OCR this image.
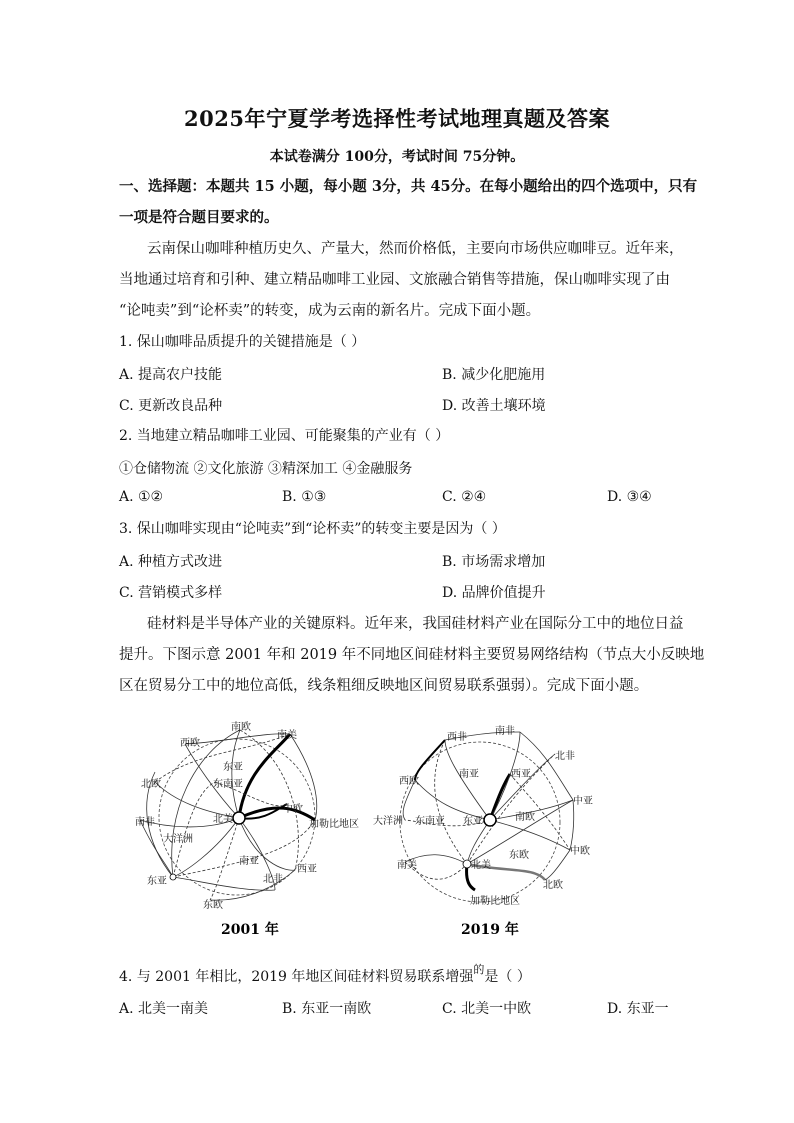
2025年宁夏学考选择性考试地理真题及答案
本试卷满分 100分，考试时间 75分钟。
一、选择题：本题共 15 小题，每小题 3分，共 45分。在每小题给出的四个选项中，只有
一项是符合题目要求的。
云南保山咖啡种植历史久、产量大，然而价格低，主要向市场供应咖啡豆。近年来，
当地通过培育和引种、建立精品咖啡工业园、文旅融合销售等措施，保山咖啡实现了由
“论吨卖”到“论杯卖”的转变，成为云南的新名片。完成下面小题。
1. 保山咖啡品质提升的关键措施是（ ）
A. 提高农户技能	B. 减少化肥施用
C. 更新改良品种	D. 改善土壤环境
2. 当地建立精品咖啡工业园、可能聚集的产业有（ ）
①仓储物流 ②文化旅游 ③精深加工 ④金融服务
A. ①②	B. ①③	C. ②④	D. ③④
3. 保山咖啡实现由“论吨卖”到“论杯卖”的转变主要是因为（ ）
A. 种植方式改进	B. 市场需求增加
C. 营销模式多样	D. 品牌价值提升
硅材料是半导体产业的关键原料。近年来，我国硅材料产业在国际分工中的地位日益
提升。下图示意 2001 年和 2019 年不同地区间硅材料主要贸易网络结构（节点大小反映地
区在贸易分工中的地位高低，线条粗细反映地区间贸易联系强弱）。完成下面小题。
南欧
南美
西欧
北欧	东南亚
东亚
中欧
北美	加勒比地区
南非
大洋洲
西亚
南亚
北非
东亚
东欧
2001 年
南非
西非
北非
西欧
南亚	西亚
中亚
大洋洲 东南亚 东亚	南欧
中欧
东欧
南美	北美
北欧
加勒比地区
2019 年
4. 与 2001 年相比，2019 年地区间硅材料贸易联系增强$^的$是（ ）
A. 北美一南美	B. 东亚一南欧	C. 北美一中欧	D. 东亚一
